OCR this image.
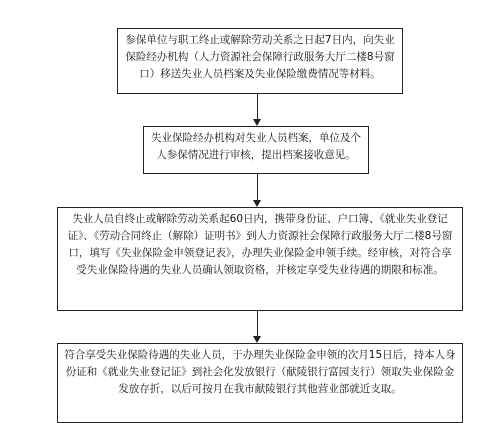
参保单位与职工终止或解除劳动关系之日起7日内，向失业保险经办机构（人力资源社会保障行政服务大厅二楼8号窗口）移送失业人员档案及失业保险缴费情况等材料。
失业保险经办机构对失业人员档案，单位及个人参保情况进行审核，提出档案接收意见。
失业人员自终止或解除劳动关系起60日内，携带身份证、户口簿、《就业失业登记证》、《劳动合同终止（解除）证明书》到人力资源社会保障行政服务大厅二楼8号窗口，填写《失业保险金申领登记表》，办理失业保险金申领手续。经审核，对符合享受失业保险待遇的失业人员确认领取资格，并核定享受失业待遇的期限和标准。
符合享受失业保险待遇的失业人员，于办理失业保险金申领的次月15日后，持本人身份证和《就业失业登记证》到社会化发放银行（献陵银行富园支行）领取失业保险金发放存折，以后可按月在我市献陵银行其他营业部就近支取。
